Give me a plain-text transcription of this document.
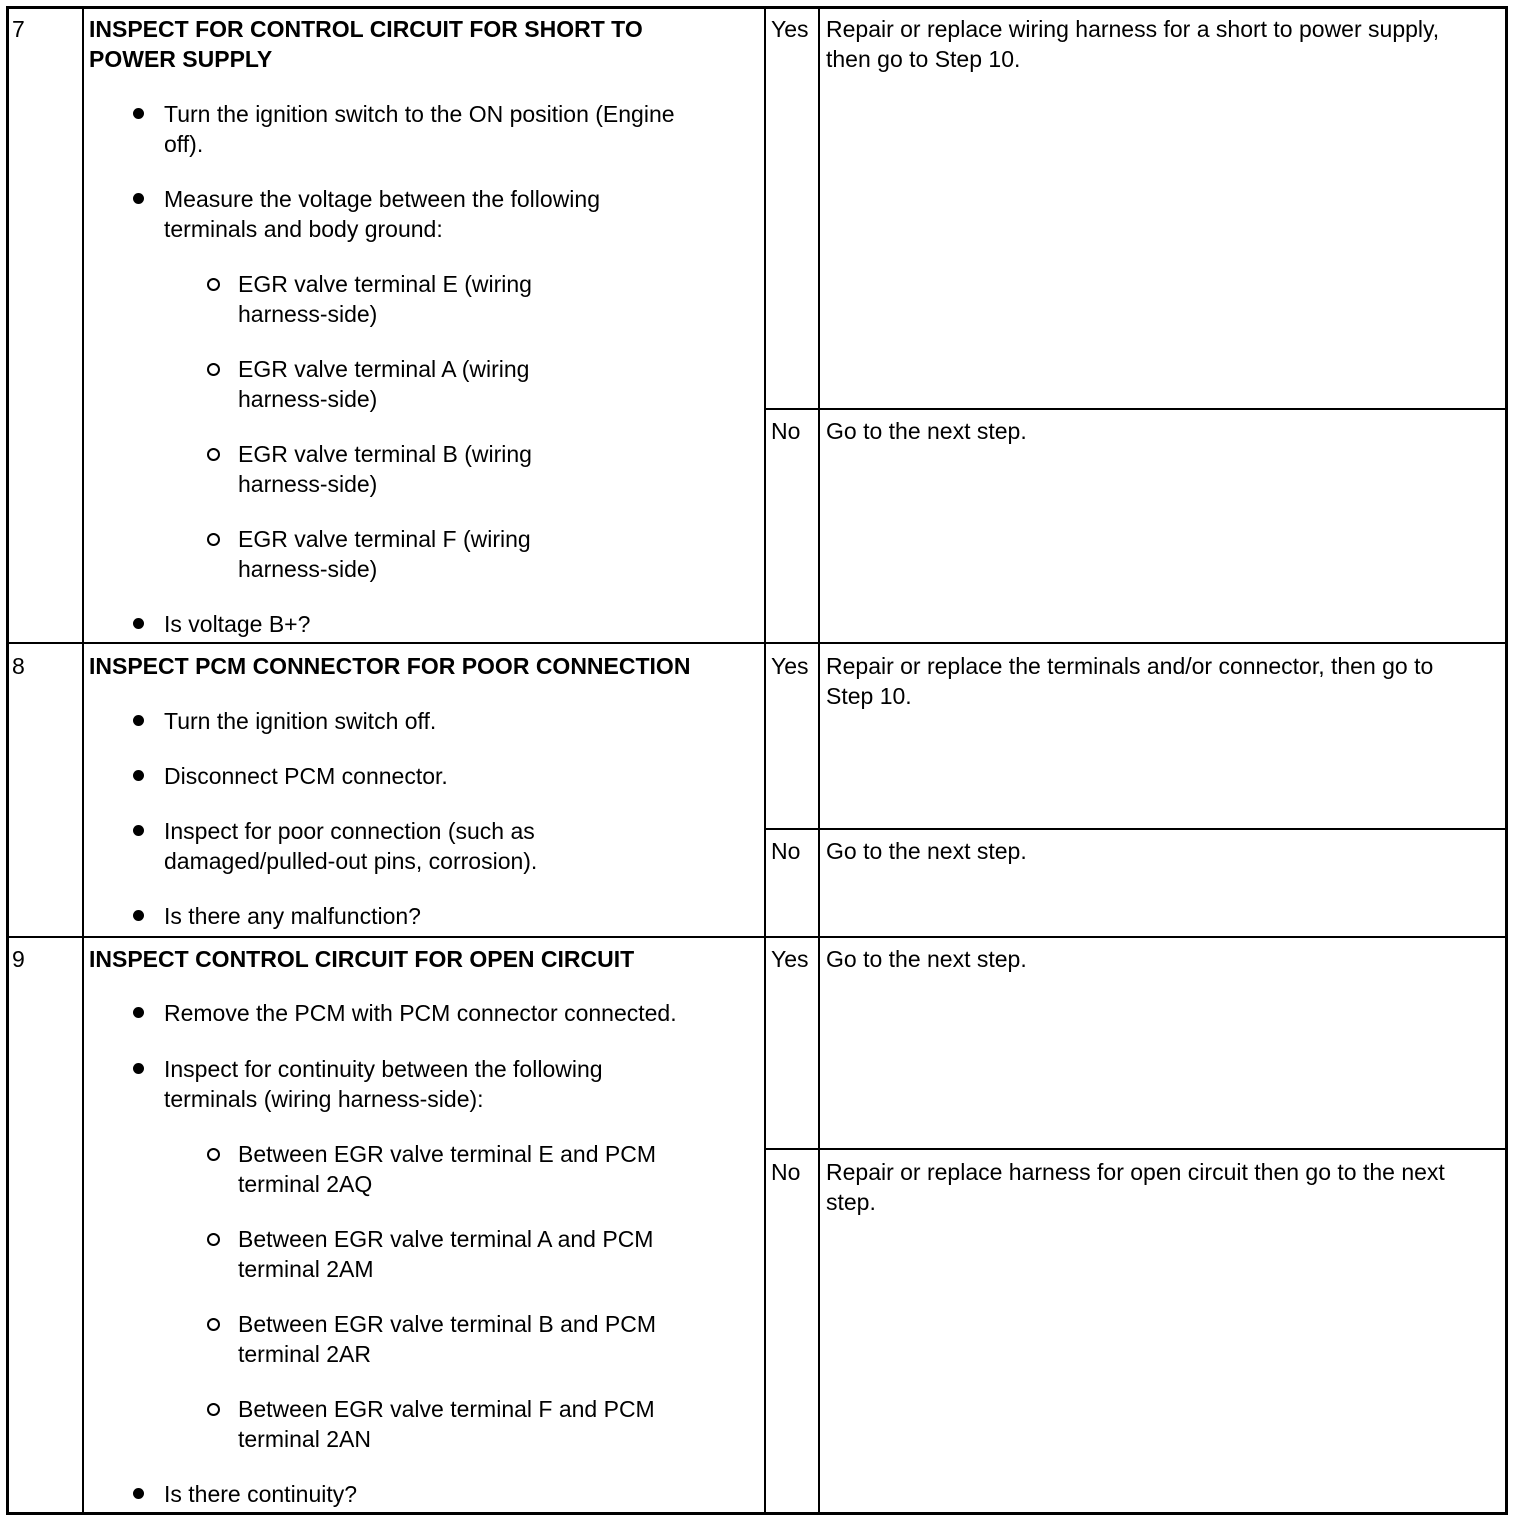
7	INSPECT FOR CONTROL CIRCUIT FOR SHORT TO
POWER SUPPLY
Turn the ignition switch to the ON position (Engine
off).
Measure the voltage between the following
terminals and body ground:
EGR valve terminal E (wiring
harness-side)
EGR valve terminal A (wiring
harness-side)
EGR valve terminal B (wiring
harness-side)
EGR valve terminal F (wiring
harness-side)
Is voltage B+?
Yes Repair or replace wiring harness for a short to power supply,
then go to Step 10.
No Go to the next step.
8	INSPECT PCM CONNECTOR FOR POOR CONNECTION
Turn the ignition switch off.
Disconnect PCM connector.
Inspect for poor connection (such as
damaged/pulled-out pins, corrosion).
Is there any malfunction?
Yes Repair or replace the terminals and/or connector, then go to
Step 10.
No Go to the next step.
9	INSPECT CONTROL CIRCUIT FOR OPEN CIRCUIT
Remove the PCM with PCM connector connected.
Inspect for continuity between the following
terminals (wiring harness-side):
Between EGR valve terminal E and PCM
terminal 2AQ
Between EGR valve terminal A and PCM
terminal 2AM
Between EGR valve terminal B and PCM
terminal 2AR
Between EGR valve terminal F and PCM
terminal 2AN
Is there continuity?
Yes Go to the next step.
No Repair or replace harness for open circuit then go to the next
step.
